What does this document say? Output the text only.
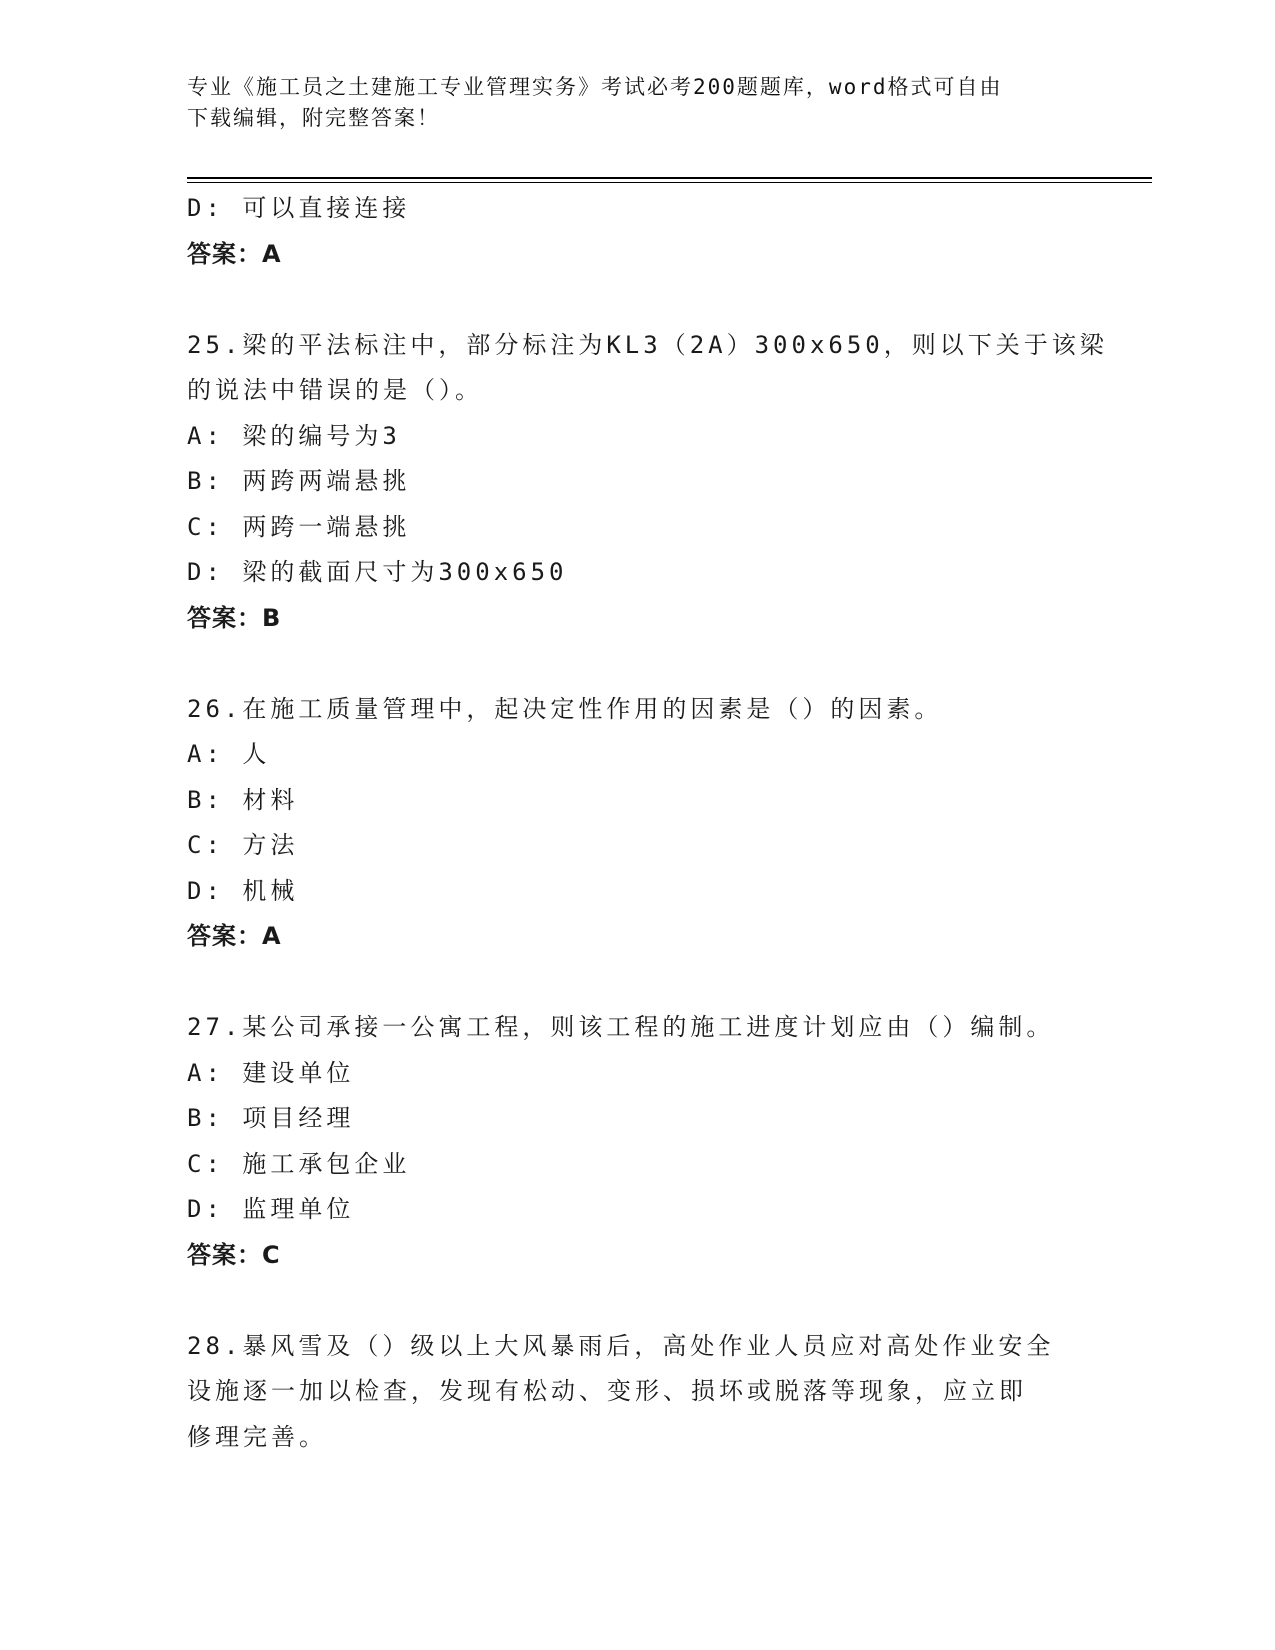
专业《施工员之土建施工专业管理实务》考试必考200题题库，word格式可自由
下载编辑，附完整答案！
D: 可以直接连接
答案：A
25.梁的平法标注中，部分标注为KL3（2A）300x650，则以下关于该梁
的说法中错误的是（）。
A: 梁的编号为3
B: 两跨两端悬挑
C: 两跨一端悬挑
D: 梁的截面尺寸为300x650
答案：B
26.在施工质量管理中，起决定性作用的因素是（）的因素。
A: 人
B: 材料
C: 方法
D: 机械
答案：A
27.某公司承接一公寓工程，则该工程的施工进度计划应由（）编制。
A: 建设单位
B: 项目经理
C: 施工承包企业
D: 监理单位
答案：C
28.暴风雪及（）级以上大风暴雨后，高处作业人员应对高处作业安全
设施逐一加以检查，发现有松动、变形、损坏或脱落等现象，应立即
修理完善。
